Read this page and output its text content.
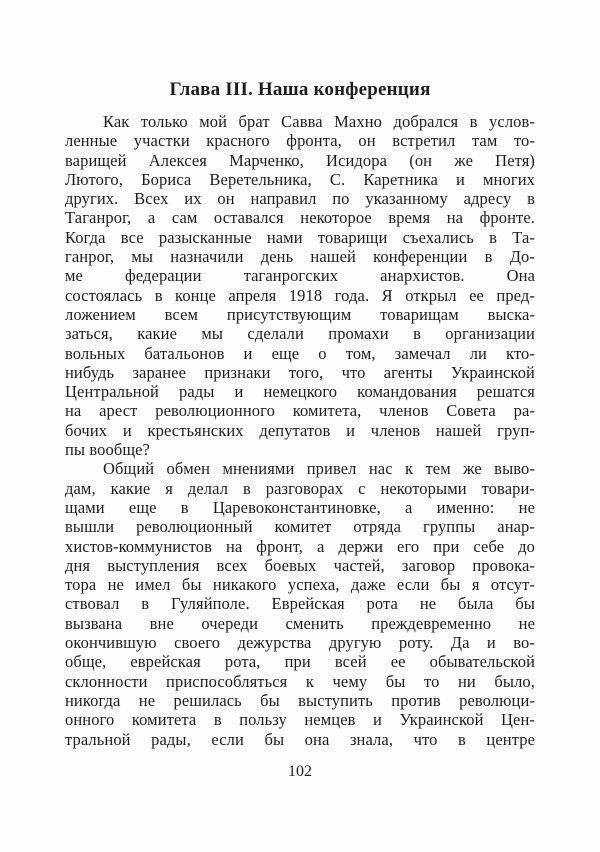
Глава III. Наша конференция
Как только мой брат Савва Махно добрался в услов-
ленные участки красного фронта, он встретил там то-
варищей Алексея Марченко, Исидора (он же Петя)
Лютого, Бориса Веретельника, С. Каретника и многих
других. Всех их он направил по указанному адресу в
Таганрог, а сам оставался некоторое время на фронте.
Когда все разысканные нами товарищи съехались в Та-
ганрог, мы назначили день нашей конференции в До-
ме федерации таганрогских анархистов. Она
состоялась в конце апреля 1918 года. Я открыл ее пред-
ложением всем присутствующим товарищам выска-
заться, какие мы сделали промахи в организации
вольных батальонов и еще о том, замечал ли кто-
нибудь заранее признаки того, что агенты Украинской
Центральной рады и немецкого командования решатся
на арест революционного комитета, членов Совета ра-
бочих и крестьянских депутатов и членов нашей груп-
пы вообще?
Общий обмен мнениями привел нас к тем же выво-
дам, какие я делал в разговорах с некоторыми товари-
щами еще в Царевоконстантиновке, а именно: не
вышли революционный комитет отряда группы анар-
хистов-коммунистов на фронт, а держи его при себе до
дня выступления всех боевых частей, заговор провока-
тора не имел бы никакого успеха, даже если бы я отсут-
ствовал в Гуляйполе. Еврейская рота не была бы
вызвана вне очереди сменить преждевременно не
окончившую своего дежурства другую роту. Да и во-
обще, еврейская рота, при всей ее обывательской
склонности приспособляться к чему бы то ни было,
никогда не решилась бы выступить против революци-
онного комитета в пользу немцев и Украинской Цен-
тральной рады, если бы она знала, что в центре
102
